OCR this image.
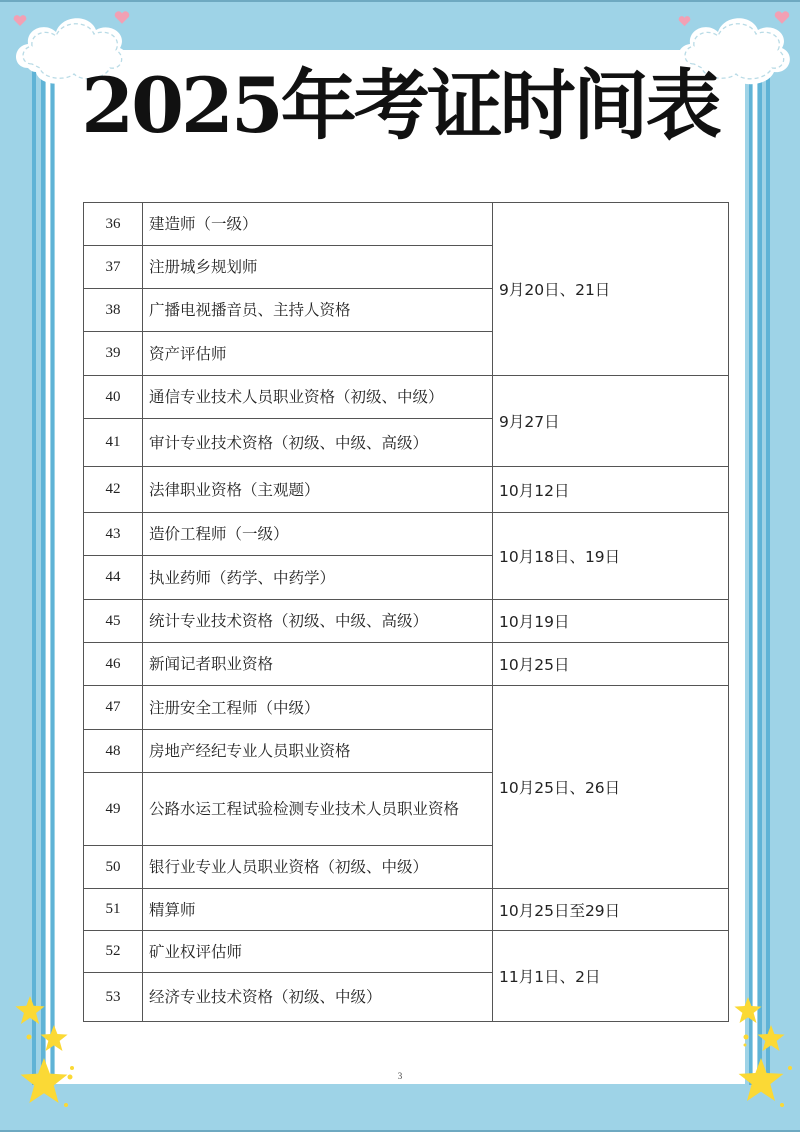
2025年考证时间表
36	建造师（一级）	9月20日、21日
37	注册城乡规划师	
38	广播电视播音员、主持人资格	
39	资产评估师	
40	通信专业技术人员职业资格（初级、中级）	9月27日
41	审计专业技术资格（初级、中级、高级）	
42	法律职业资格（主观题）	10月12日
43	造价工程师（一级）	10月18日、19日
44	执业药师（药学、中药学）	
45	统计专业技术资格（初级、中级、高级）	10月19日
46	新闻记者职业资格	10月25日
47	注册安全工程师（中级）	10月25日、26日
48	房地产经纪专业人员职业资格	
49	公路水运工程试验检测专业技术人员职业资格	
50	银行业专业人员职业资格（初级、中级）	
51	精算师	10月25日至29日
52	矿业权评估师	11月1日、2日
53	经济专业技术资格（初级、中级）	
3
